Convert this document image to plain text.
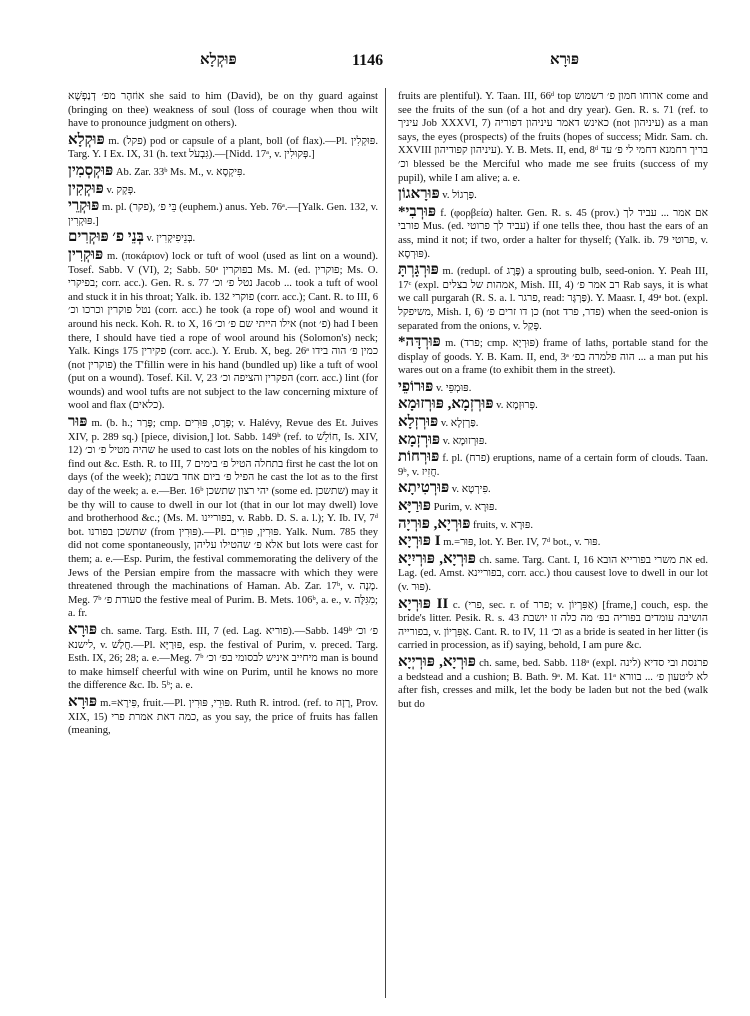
פּוּקְלָא	1146	פּוּרָא
אוֹזהָר מפ׳ דְנַפְשָׁא she said to him (David), be on thy guard against (bringing on thee) weakness of soul (loss of courage when thou wilt have to pronounce judgment on others).
פּוּקְלָא m. (פקל) pod or capsule of a plant, boll (of flax).—Pl. פּוּקְלִין. Targ. Y. I Ex. IX, 31 (h. text גִּבְעֹל).—[Nidd. 17ᵃ, v. פְּקוּלִין.]
פּוּקְסְמִין Ab. Zar. 33ᵇ Ms. M., v. פִּיקְסָא.
פּוּקְקִין v. פְּקָק.
פּוּקְרֵי m. pl. (פקר), בֵּי פ׳ (euphem.) anus. Yeb. 76ᵃ.—[Yalk. Gen. 132, v. פּוּקְרִין.]
בְּנֵי פ׳ פּוּקְרִים v. בְּנֵיפִיקְרִין.
פּוּקְרִין m. (πoκάριoν) lock or tuft of wool (used as lint on a wound). Tosef. Sabb. V (VI), 2; Sabb. 50ᵃ בפוקרין Ms. M. (ed. פוקרין; Ms. O. בפיקרי; corr. acc.). Gen. R. s. 77 נטל פ׳ וכ׳ Jacob ... took a tuft of wool and stuck it in his throat; Yalk. ib. 132 פוקרי (corr. acc.); Cant. R. to III, 6 נטל פוקרין וכרכו וכ׳ (corr. acc.) he took (a rope of) wool and wound it around his neck. Koh. R. to X, 16 אילו הייתי שם פ׳ וכ׳ (not פ׳) had I been there, I should have tied a rope of wool around his (Solomon's) neck; Yalk. Kings 175 פקירין (corr. acc.). Y. Erub. X, beg. 26ᵃ כמין פ׳ הוה בידו (not פוקרין) the T'fillin were in his hand (bundled up) like a tuft of wool (put on a wound). Tosef. Kil. V, 23 הפקרין והציפה וכ׳ (corr. acc.) lint (for wounds) and wool tufts are not subject to the law concerning mixture of wool and flax (כלאים).
פּוּר m. (b. h.; פָּרַר; cmp. פְּרָס, פּוּרִים; v. Halévy, Revue des Et. Juives XIV, p. 289 sq.) [piece, division,] lot. Sabb. 149ᵇ (ref. to חוֹלֵשׁ, Is. XIV, 12) שהיה מטיל פ׳ וכ׳ he used to cast lots on the nobles of his kingdom to find out &c. Esth. R. to III, 7 בתחלה הטיל פ׳ בימים first he cast the lot on days (of the week); הפיל פ׳ ביום אחד בשבת he cast the lot as to the first day of the week; a. e.—Ber. 16ᵇ יהי רצון שתשכן (some ed. שתשכן) may it be thy will to cause to dwell in our lot (that in our lot may dwell) love and brotherhood &c.; (Ms. M. בפוריינו, v. Rabb. D. S. a. l.); Y. Ib. IV, 7ᵈ bot. שתשכן בפורנו (from פּוּרִין).—Pl. פּוּרִין, פּוּרִים. Yalk. Num. 785 they did not come spontaneously, אלא פ׳ שהטילו עליהן but lots were cast for them; a. e.—Esp. Purim, the festival commemorating the delivery of the Jews of the Persian empire from the massacre with which they were threatened through the machinations of Haman. Ab. Zar. 17ᵇ, v. מָנָה. Meg. 7ᵇ סעודת פ׳ the festive meal of Purim. B. Mets. 106ᵇ, a. e., v. מִגִּלָּה; a. fr.
פּוּרָא ch. same. Targ. Esth. III, 7 (ed. Lag. פוריא).—Sabb. 149ᵇ פ׳ וכ׳ לישנא, v. חֲלַשׁ.—Pl. פּוּרַיָּא, esp. the festival of Purim, v. preced. Targ. Esth. IX, 26; 28; a. e.—Meg. 7ᵇ מיחייב איניש לבסומי בפ׳ וכ׳ man is bound to make himself cheerful with wine on Purim, until he knows no more the difference &c. Ib. 5ᵇ; a. e.
פּוּרָא m.=פִּירָא, fruit.—Pl. פּוּרֵי, פּוּרִין. Ruth R. introd. (ref. to רָזָה, Prov. XIX, 15) כמה דאת אמרת פרי, as you say, the price of fruits has fallen (meaning,
fruits are plentiful). Y. Taan. III, 66ᵈ top ארוחו חמון פ׳ רשמוש come and see the fruits of the sun (of a hot and dry year). Gen. R. s. 71 (ref. to עיניך Job XXXVI, 7) כאינש דאמר עיניהון דפוריה (not עיניהון) as a man says, the eyes (prospects) of the fruits (hopes of success; Midr. Sam. ch. XXVIII עיניהון קפודיהון). Y. B. Mets. II, end, 8ᵈ בריך רחמנא דחמי לי פ׳ עד וכ׳ blessed be the Merciful who made me see fruits (success of my pupil), while I am alive; a. e.
פּוּרָאגוֹן v. פַּרְגוֹל.
*פּוּרְבִי f. (φορβεία) halter. Gen. R. s. 45 (prov.) אם אמר ... עביד לך פורבי Mus. (ed. עביד לך פרוטי) if one tells thee, thou hast the ears of an ass, mind it not; if two, order a halter for thyself; (Yalk. ib. 79 פרוטי, v. פּוּרְסָא).
פּוּרְגָּרְתָּ m. (redupl. of פֶּרֶג) a sprouting bulb, seed-onion. Y. Peah III, 17ᶜ (expl. אמהות של בצלים, Mish. III, 4) רב אמר פ׳ Rab says, it is what we call purgarah (R. S. a. l. פרגר, read: פַּרְגָּר). Y. Maasr. I, 49ᵃ bot. (expl. משיפקל, Mish. I, 6) כן דו זרים פ׳ (not פדר, פרד) when the seed-onion is separated from the onions, v. פְּקַל.
*פּוּרְדָּה m. (פרד; cmp. פּוּרְיָא) frame of laths, portable stand for the display of goods. Y. B. Kam. II, end, 3ᵃ הוה פלמרה בפ׳ ... a man put his wares out on a frame (to exhibit them in the street).
פּוּרוֹפֵי v. פּוּמְפֵּי.
פּוּרְזְמָא, פּוּרְזוּמָא v. פְּרוּזְמָא.
פּוּרְזְלָא v. פַּרְזְלָא.
פּוּרְזְמָא v. פּוּרְזוּמָא.
פּוּרְחוֹת f. pl. (פרח) eruptions, name of a certain form of clouds. Taan. 9ᵇ, v. חֲזִיז.
פּוּרְטִיתָא v. פִּירְטָא.
פּוּרַיָּא Purim, v. פּוּרָא.
פּוּרְיָא, פּוּרְיָה fruits, v. פּוּרָא.
פּוּרְיָא I m.=פּוּר, lot. Y. Ber. IV, 7ᵈ bot., v. פּוּר.
פּוּרְיָא, פּוּרְיִיָא ch. same. Targ. Cant. I, 16 את משרי בפורייא הובא ed. Lag. (ed. Amst. בפוריינא, corr. acc.) thou causest love to dwell in our lot (v. פּוּר).
פּוּרְיָא II c. (פרי, sec. r. of פרר; v. אַפִּרְיוֹן) [frame,] couch, esp. the bride's litter. Pesik. R. s. 43 הושיבה עומדים בפוריה בפ׳ מה כלה זו יושבת בפורייה, v. אַפִּרְיוֹן. Cant. R. to IV, 11 וכ׳ as a bride is seated in her litter (is carried in procession, as if) saying, behold, I am pure &c.
פּוּרְיָא, פּוּרְיְיָא ch. same, bed. Sabb. 118ᵃ (expl. פרנסת ובי סדיא (לינה a bedstead and a cushion; B. Bath. 9ᵃ. M. Kat. 11ᵃ לא ליטעון פ׳ ... בוורא after fish, cresses and milk, let the body be laden but not the bed (walk but do
